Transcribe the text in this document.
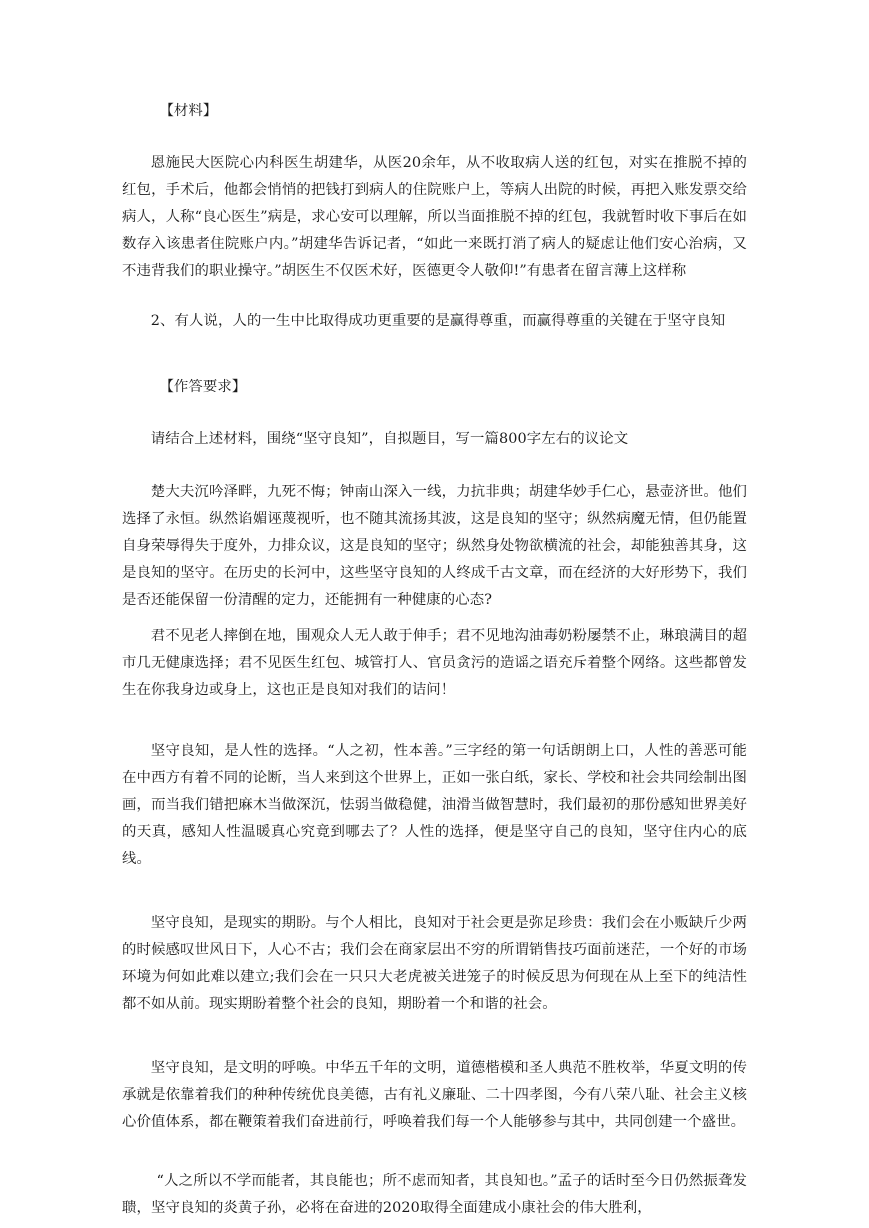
【材料】

恩施民大医院心内科医生胡建华，从医20余年，从不收取病人送的红包，对实在推脱不掉的红包，手术后，他都会悄悄的把钱打到病人的住院账户上，等病人出院的时候，再把入账发票交给病人，人称“良心医生”病是，求心安可以理解，所以当面推脱不掉的红包，我就暂时收下事后在如数存入该患者住院账户内。”胡建华告诉记者，“如此一来既打消了病人的疑虑让他们安心治病，又不违背我们的职业操守。”胡医生不仅医术好，医德更令人敬仰!”有患者在留言薄上这样称

2、有人说，人的一生中比取得成功更重要的是赢得尊重，而赢得尊重的关键在于坚守良知

【作答要求】

请结合上述材料，围绕“坚守良知”，自拟题目，写一篇800字左右的议论文

楚大夫沉吟泽畔，九死不悔；钟南山深入一线，力抗非典；胡建华妙手仁心，悬壶济世。他们选择了永恒。纵然谄媚诬蔑视听，也不随其流扬其波，这是良知的坚守；纵然病魔无情，但仍能置自身荣辱得失于度外，力排众议，这是良知的坚守；纵然身处物欲横流的社会，却能独善其身，这是良知的坚守。在历史的长河中，这些坚守良知的人终成千古文章，而在经济的大好形势下，我们是否还能保留一份清醒的定力，还能拥有一种健康的心态?

君不见老人摔倒在地，围观众人无人敢于伸手；君不见地沟油毒奶粉屡禁不止，琳琅满目的超市几无健康选择；君不见医生红包、城管打人、官员贪污的造谣之语充斥着整个网络。这些都曾发生在你我身边或身上，这也正是良知对我们的诘问！

坚守良知，是人性的选择。“人之初，性本善。”三字经的第一句话朗朗上口，人性的善恶可能在中西方有着不同的论断，当人来到这个世界上，正如一张白纸，家长、学校和社会共同绘制出图画，而当我们错把麻木当做深沉，怯弱当做稳健，油滑当做智慧时，我们最初的那份感知世界美好的天真，感知人性温暖真心究竟到哪去了？人性的选择，便是坚守自己的良知，坚守住内心的底线。

坚守良知，是现实的期盼。与个人相比，良知对于社会更是弥足珍贵：我们会在小贩缺斤少两的时候感叹世风日下，人心不古；我们会在商家层出不穷的所谓销售技巧面前迷茫，一个好的市场环境为何如此难以建立;我们会在一只只大老虎被关进笼子的时候反思为何现在从上至下的纯洁性都不如从前。现实期盼着整个社会的良知，期盼着一个和谐的社会。

坚守良知，是文明的呼唤。中华五千年的文明，道德楷模和圣人典范不胜枚举，华夏文明的传承就是依靠着我们的种种传统优良美德，古有礼义廉耻、二十四孝图，今有八荣八耻、社会主义核心价值体系，都在鞭策着我们奋进前行，呼唤着我们每一个人能够参与其中，共同创建一个盛世。

“人之所以不学而能者，其良能也；所不虑而知者，其良知也。”孟子的话时至今日仍然振聋发聩，坚守良知的炎黄子孙，必将在奋进的2020取得全面建成小康社会的伟大胜利，
